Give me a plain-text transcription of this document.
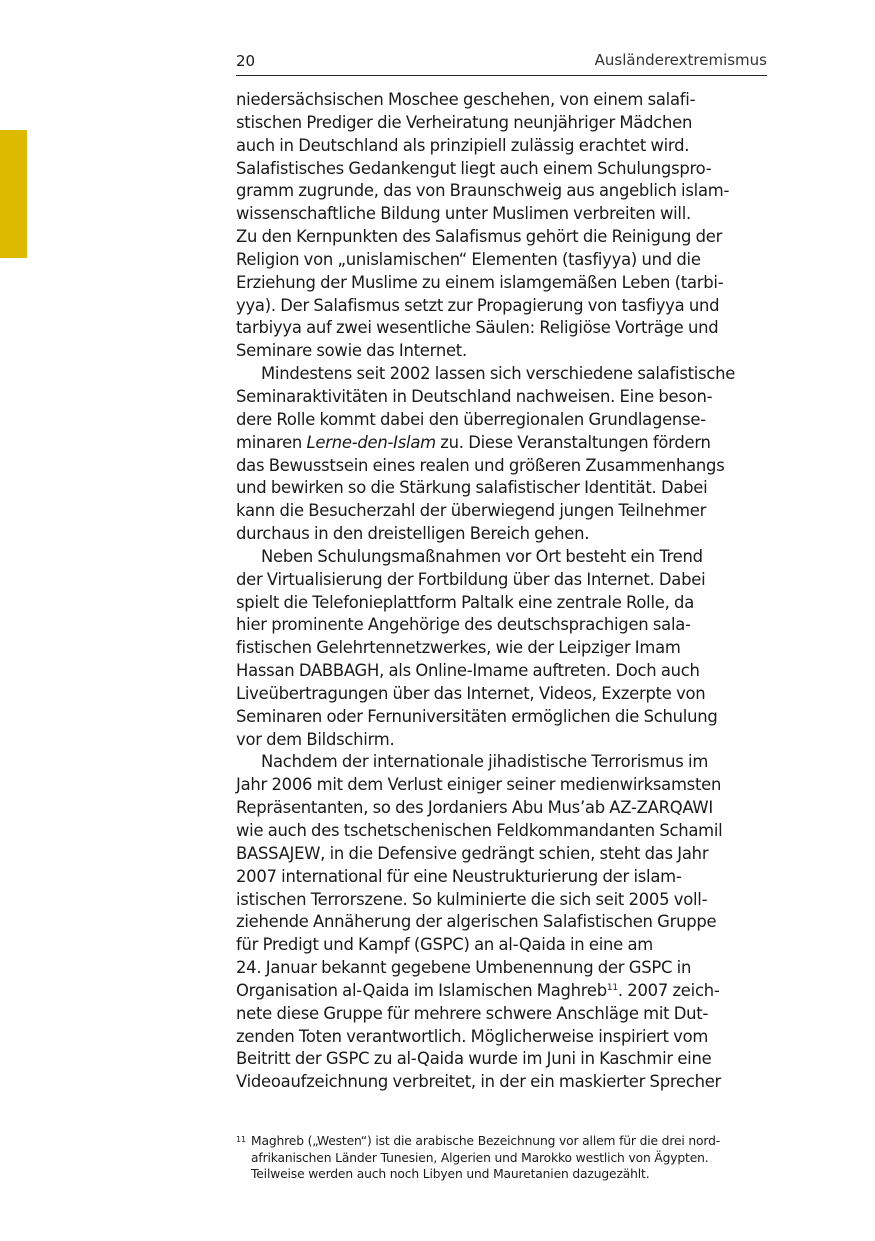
20	Ausländerextremismus
niedersächsischen Moschee geschehen, von einem salafi-
stischen Prediger die Verheiratung neunjähriger Mädchen
auch in Deutschland als prinzipiell zulässig erachtet wird.
Salafistisches Gedankengut liegt auch einem Schulungspro-
gramm zugrunde, das von Braunschweig aus angeblich islam-
wissenschaftliche Bildung unter Muslimen verbreiten will.
Zu den Kernpunkten des Salafismus gehört die Reinigung der
Religion von „unislamischen“ Elementen (tasfiyya) und die
Erziehung der Muslime zu einem islamgemäßen Leben (tarbi-
yya). Der Salafismus setzt zur Propagierung von tasfiyya und
tarbiyya auf zwei wesentliche Säulen: Religiöse Vorträge und
Seminare sowie das Internet.
Mindestens seit 2002 lassen sich verschiedene salafistische
Seminaraktivitäten in Deutschland nachweisen. Eine beson-
dere Rolle kommt dabei den überregionalen Grundlagense-
minaren Lerne-den-Islam zu. Diese Veranstaltungen fördern
das Bewusstsein eines realen und größeren Zusammenhangs
und bewirken so die Stärkung salafistischer Identität. Dabei
kann die Besucherzahl der überwiegend jungen Teilnehmer
durchaus in den dreistelligen Bereich gehen.
Neben Schulungsmaßnahmen vor Ort besteht ein Trend
der Virtualisierung der Fortbildung über das Internet. Dabei
spielt die Telefonieplattform Paltalk eine zentrale Rolle, da
hier prominente Angehörige des deutschsprachigen sala-
fistischen Gelehrtennetzwerkes, wie der Leipziger Imam
Hassan DABBAGH, als Online-Imame auftreten. Doch auch
Liveübertragungen über das Internet, Videos, Exzerpte von
Seminaren oder Fernuniversitäten ermöglichen die Schulung
vor dem Bildschirm.
Nachdem der internationale jihadistische Terrorismus im
Jahr 2006 mit dem Verlust einiger seiner medienwirksamsten
Repräsentanten, so des Jordaniers Abu Mus’ab AZ-ZARQAWI
wie auch des tschetschenischen Feldkommandanten Schamil
BASSAJEW, in die Defensive gedrängt schien, steht das Jahr
2007 international für eine Neustrukturierung der islam-
istischen Terrorszene. So kulminierte die sich seit 2005 voll-
ziehende Annäherung der algerischen Salafistischen Gruppe
für Predigt und Kampf (GSPC) an al-Qaida in eine am
24. Januar bekannt gegebene Umbenennung der GSPC in
Organisation al-Qaida im Islamischen Maghreb$^{11}$. 2007 zeich-
nete diese Gruppe für mehrere schwere Anschläge mit Dut-
zenden Toten verantwortlich. Möglicherweise inspiriert vom
Beitritt der GSPC zu al-Qaida wurde im Juni in Kaschmir eine
Videoaufzeichnung verbreitet, in der ein maskierter Sprecher
11 Maghreb („Westen“) ist die arabische Bezeichnung vor allem für die drei nord-
afrikanischen Länder Tunesien, Algerien und Marokko westlich von Ägypten.
Teilweise werden auch noch Libyen und Mauretanien dazugezählt.
